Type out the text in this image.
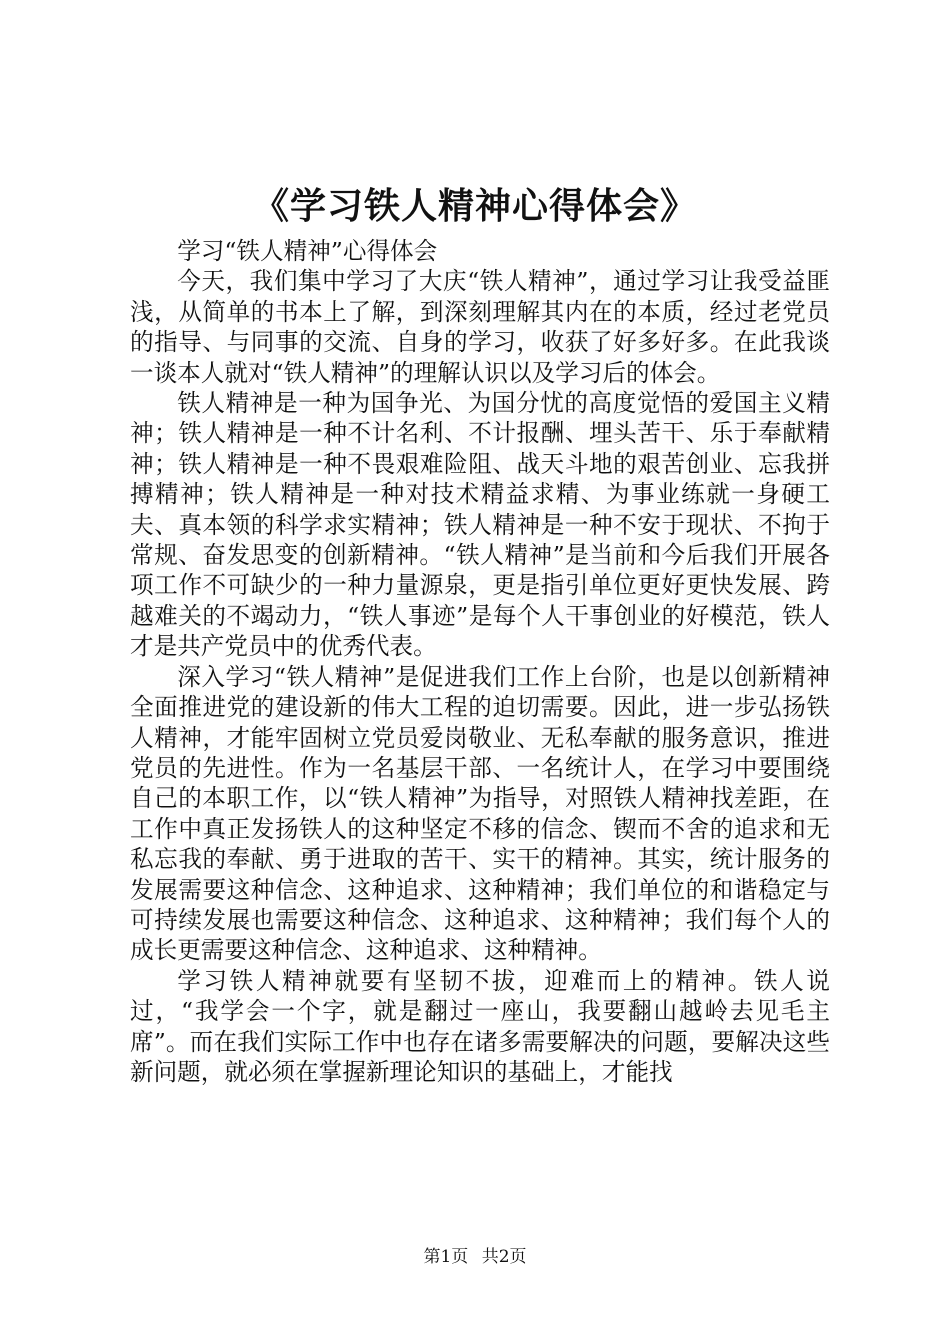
《学习铁人精神心得体会》

学习“铁人精神”心得体会

今天，我们集中学习了大庆“铁人精神”，通过学习让我受益匪浅，从简单的书本上了解，到深刻理解其内在的本质，经过老党员的指导、与同事的交流、自身的学习，收获了好多好多。在此我谈一谈本人就对“铁人精神”的理解认识以及学习后的体会。

铁人精神是一种为国争光、为国分忧的高度觉悟的爱国主义精神；铁人精神是一种不计名利、不计报酬、埋头苦干、乐于奉献精神；铁人精神是一种不畏艰难险阻、战天斗地的艰苦创业、忘我拼搏精神；铁人精神是一种对技术精益求精、为事业练就一身硬工夫、真本领的科学求实精神；铁人精神是一种不安于现状、不拘于常规、奋发思变的创新精神。“铁人精神”是当前和今后我们开展各项工作不可缺少的一种力量源泉，更是指引单位更好更快发展、跨越难关的不竭动力，“铁人事迹”是每个人干事创业的好模范，铁人才是共产党员中的优秀代表。

深入学习“铁人精神”是促进我们工作上台阶，也是以创新精神全面推进党的建设新的伟大工程的迫切需要。因此，进一步弘扬铁人精神，才能牢固树立党员爱岗敬业、无私奉献的服务意识，推进党员的先进性。作为一名基层干部、一名统计人，在学习中要围绕自己的本职工作，以“铁人精神”为指导，对照铁人精神找差距，在工作中真正发扬铁人的这种坚定不移的信念、锲而不舍的追求和无私忘我的奉献、勇于进取的苦干、实干的精神。其实，统计服务的发展需要这种信念、这种追求、这种精神；我们单位的和谐稳定与可持续发展也需要这种信念、这种追求、这种精神；我们每个人的成长更需要这种信念、这种追求、这种精神。

学习铁人精神就要有坚韧不拔，迎难而上的精神。铁人说过，“我学会一个字，就是翻过一座山，我要翻山越岭去见毛主席”。而在我们实际工作中也存在诸多需要解决的问题，要解决这些新问题，就必须在掌握新理论知识的基础上，才能找

第1页 共2页
